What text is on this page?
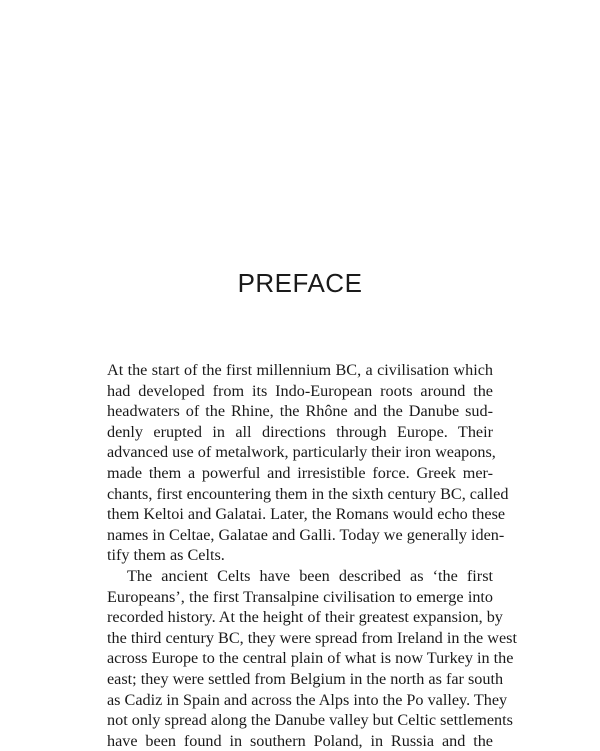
PREFACE
At the start of the first millennium BC, a civilisation which
had developed from its Indo-European roots around the
headwaters of the Rhine, the Rhône and the Danube sud-
denly erupted in all directions through Europe. Their
advanced use of metalwork, particularly their iron weapons,
made them a powerful and irresistible force. Greek mer-
chants, first encountering them in the sixth century BC, called
them Keltoi and Galatai. Later, the Romans would echo these
names in Celtae, Galatae and Galli. Today we generally iden-
tify them as Celts.
The ancient Celts have been described as ‘the first
Europeans’, the first Transalpine civilisation to emerge into
recorded history. At the height of their greatest expansion, by
the third century BC, they were spread from Ireland in the west
across Europe to the central plain of what is now Turkey in the
east; they were settled from Belgium in the north as far south
as Cadiz in Spain and across the Alps into the Po valley. They
not only spread along the Danube valley but Celtic settlements
have been found in southern Poland, in Russia and the
